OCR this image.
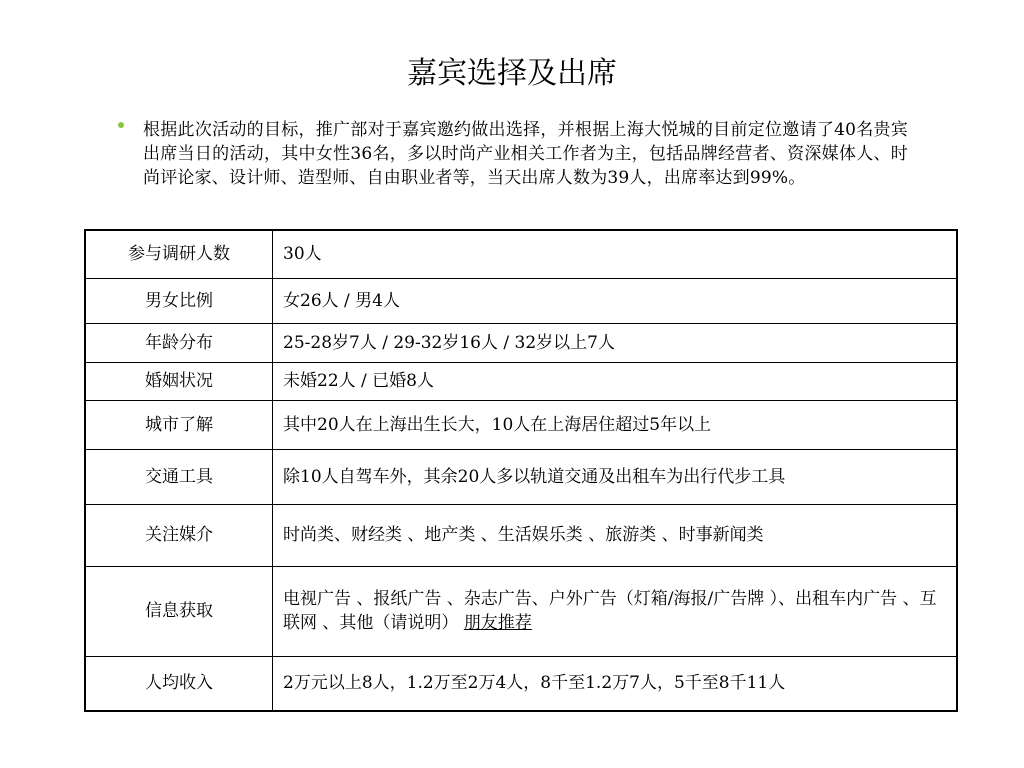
嘉宾选择及出席
根据此次活动的目标，推广部对于嘉宾邀约做出选择，并根据上海大悦城的目前定位邀请了40名贵宾出席当日的活动，其中女性36名，多以时尚产业相关工作者为主，包括品牌经营者、资深媒体人、时尚评论家、设计师、造型师、自由职业者等，当天出席人数为39人，出席率达到99%。
参与调研人数	30人
男女比例	女26人 / 男4人
年龄分布	25-28岁7人 / 29-32岁16人 / 32岁以上7人
婚姻状况	未婚22人 / 已婚8人
城市了解	其中20人在上海出生长大，10人在上海居住超过5年以上
交通工具	除10人自驾车外，其余20人多以轨道交通及出租车为出行代步工具
关注媒介	时尚类、财经类 、地产类 、生活娱乐类 、旅游类 、时事新闻类
信息获取	电视广告 、报纸广告 、杂志广告、户外广告（灯箱/海报/广告牌 ）、出租车内广告 、互联网 、其他（请说明） 朋友推荐
人均收入	2万元以上8人，1.2万至2万4人，8千至1.2万7人，5千至8千11人
